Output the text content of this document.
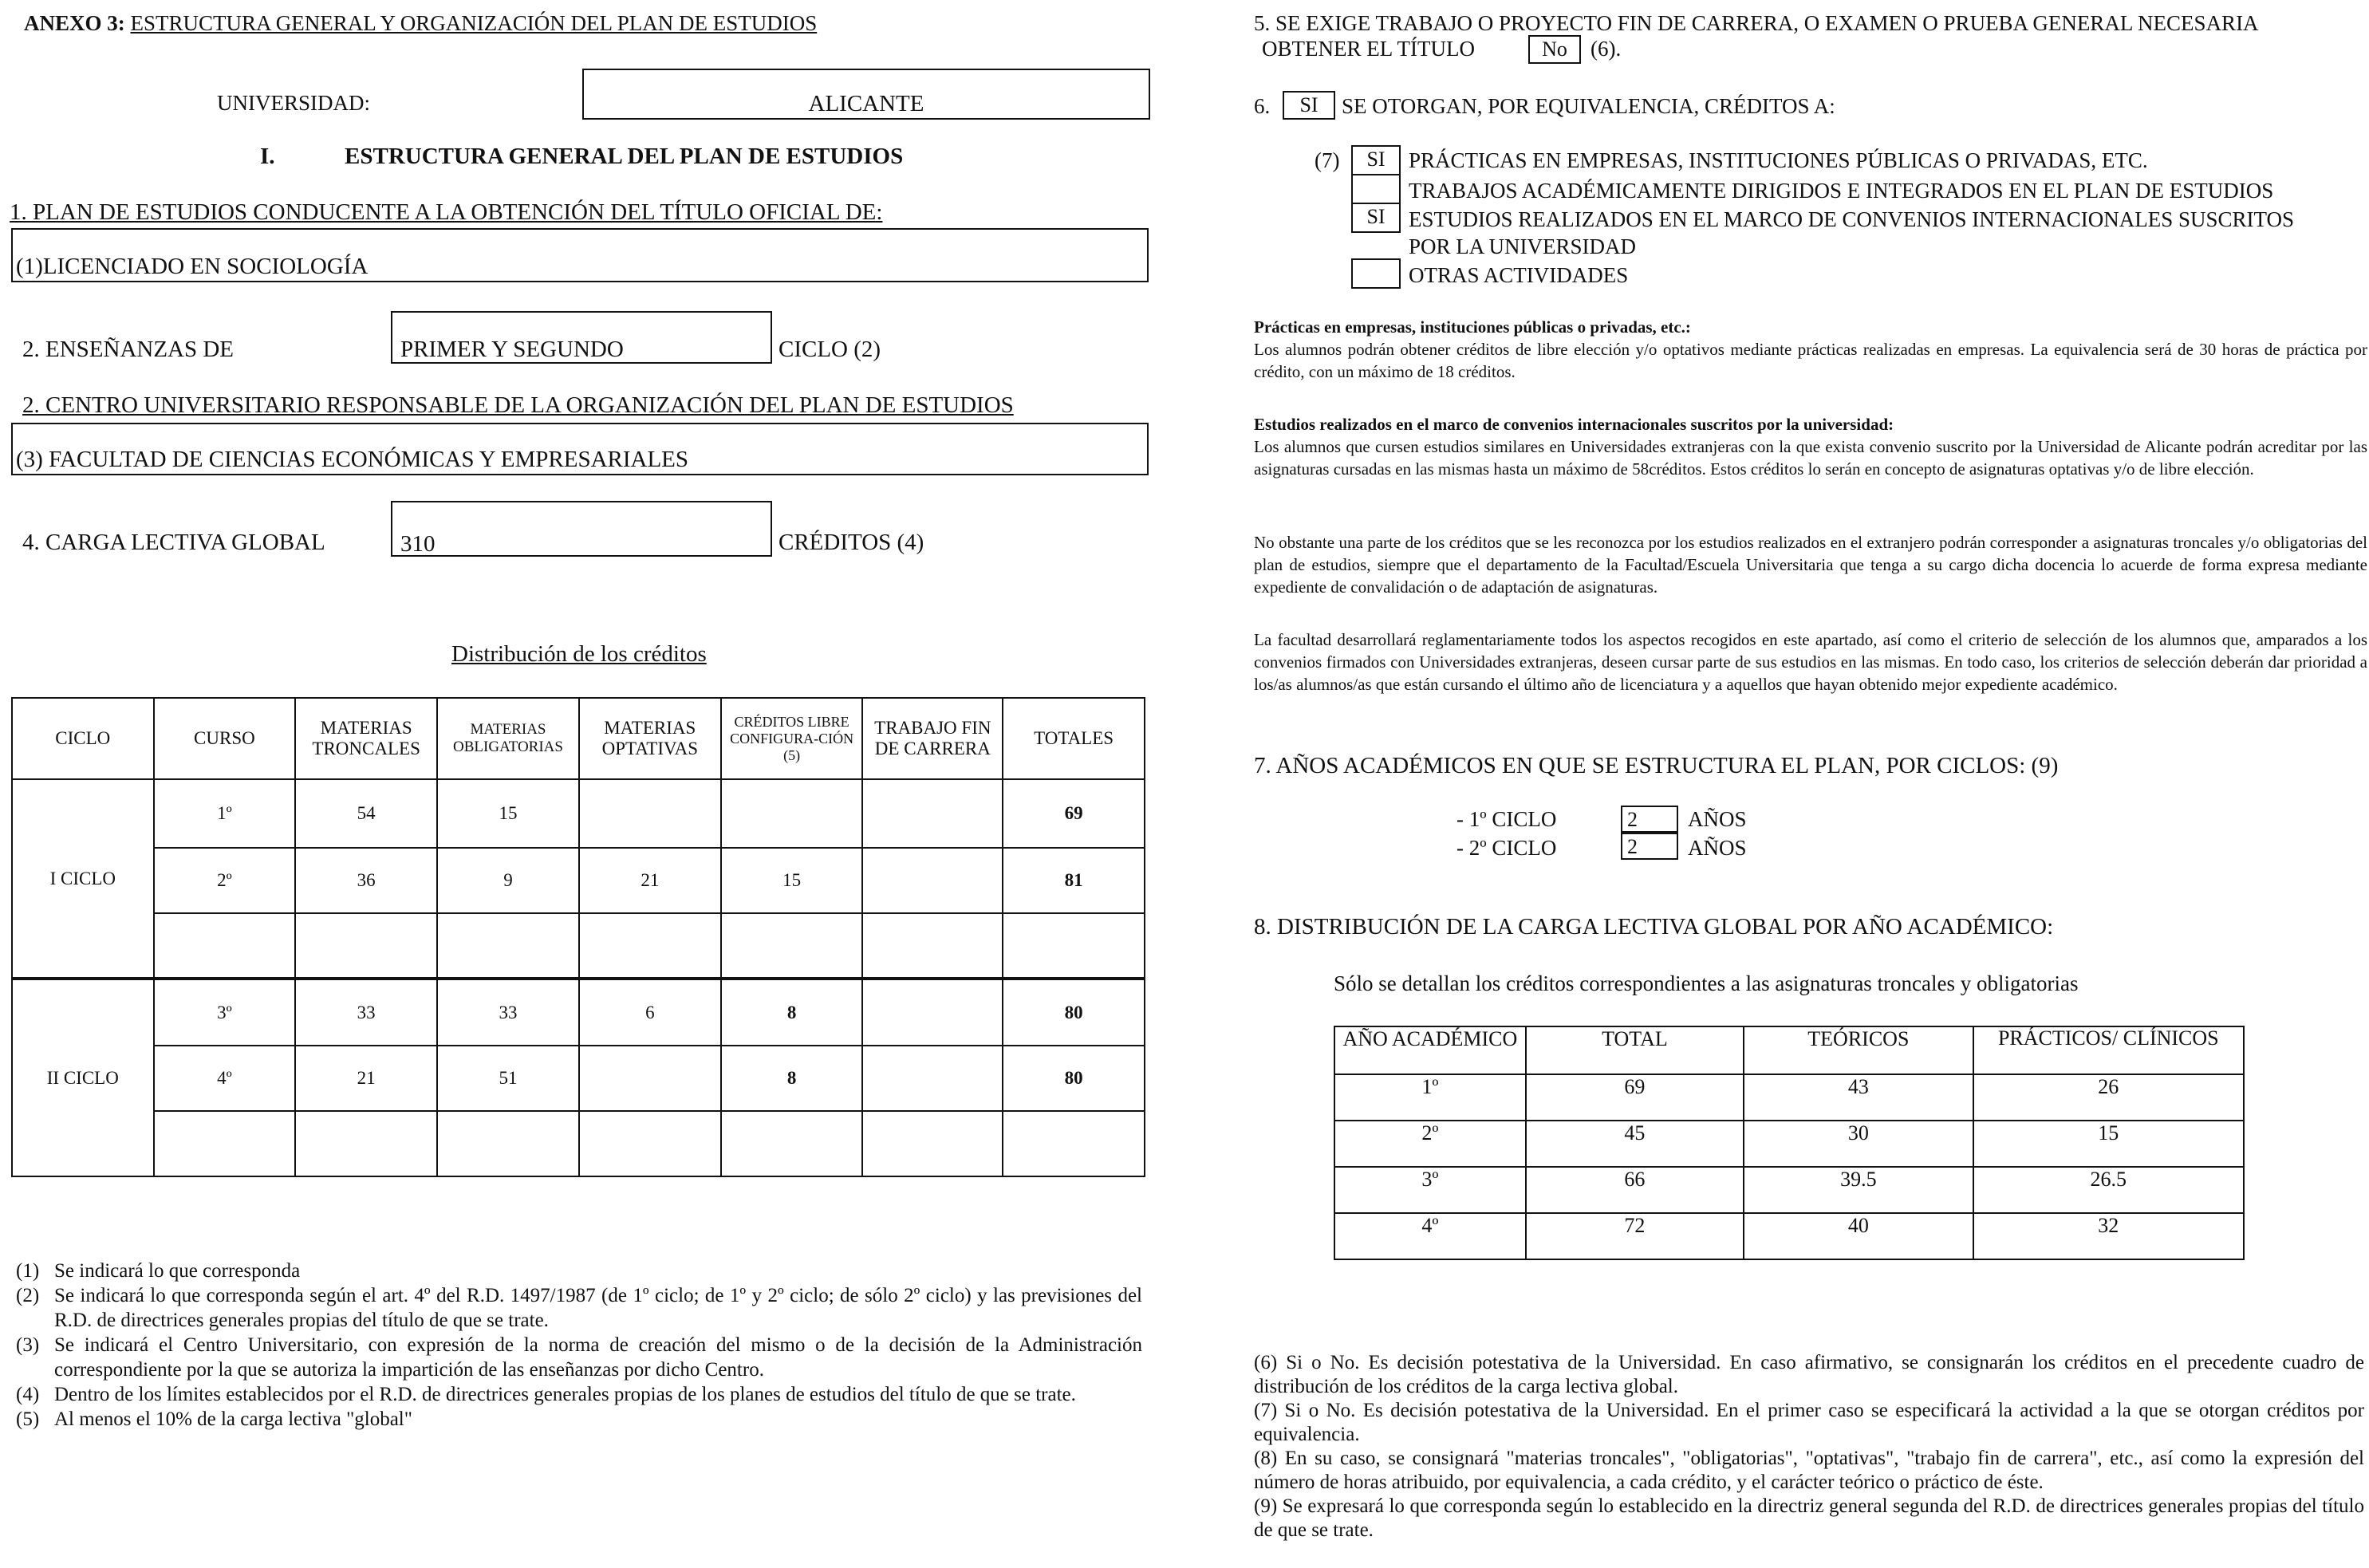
ANEXO 3: ESTRUCTURA GENERAL Y ORGANIZACIÓN DEL PLAN DE ESTUDIOS
UNIVERSIDAD:	ALICANTE
I.	ESTRUCTURA GENERAL DEL PLAN DE ESTUDIOS
1. PLAN DE ESTUDIOS CONDUCENTE A LA OBTENCIÓN DEL TÍTULO OFICIAL DE:
(1)LICENCIADO EN SOCIOLOGÍA
2. ENSEÑANZAS DE	PRIMER Y SEGUNDO	CICLO (2)
2. CENTRO UNIVERSITARIO RESPONSABLE DE LA ORGANIZACIÓN DEL PLAN DE ESTUDIOS
(3) FACULTAD DE CIENCIAS ECONÓMICAS Y EMPRESARIALES
4. CARGA LECTIVA GLOBAL	310	CRÉDITOS (4)
Distribución de los créditos
CICLO	CURSO	MATERIAS TRONCALES	MATERIAS OBLIGATORIAS	MATERIAS OPTATIVAS	CRÉDITOS LIBRE CONFIGURA-CIÓN (5)	TRABAJO FIN DE CARRERA	TOTALES
I CICLO	1º	54	15				69
	2º	36	9	21	15		81

II CICLO	3º	33	33	6	8		80
	4º	21	51		8		80

(1) Se indicará lo que corresponda
(2) Se indicará lo que corresponda según el art. 4º del R.D. 1497/1987 (de 1º ciclo; de 1º y 2º ciclo; de sólo 2º ciclo) y las previsiones del R.D. de directrices generales propias del título de que se trate.
(3) Se indicará el Centro Universitario, con expresión de la norma de creación del mismo o de la decisión de la Administración correspondiente por la que se autoriza la impartición de las enseñanzas por dicho Centro.
(4) Dentro de los límites establecidos por el R.D. de directrices generales propias de los planes de estudios del título de que se trate.
(5) Al menos el 10% de la carga lectiva "global"
5. SE EXIGE TRABAJO O PROYECTO FIN DE CARRERA, O EXAMEN O PRUEBA GENERAL NECESARIA
OBTENER EL TÍTULO	No	(6).
6.	SI	SE OTORGAN, POR EQUIVALENCIA, CRÉDITOS A:
(7)	SI	PRÁCTICAS EN EMPRESAS, INSTITUCIONES PÚBLICAS O PRIVADAS, ETC.
TRABAJOS ACADÉMICAMENTE DIRIGIDOS E INTEGRADOS EN EL PLAN DE ESTUDIOS
SI	ESTUDIOS REALIZADOS EN EL MARCO DE CONVENIOS INTERNACIONALES SUSCRITOS
POR LA UNIVERSIDAD
OTRAS ACTIVIDADES
Prácticas en empresas, instituciones públicas o privadas, etc.:
Los alumnos podrán obtener créditos de libre elección y/o optativos mediante prácticas realizadas en empresas. La equivalencia será de 30 horas de práctica por crédito, con un máximo de 18 créditos.
Estudios realizados en el marco de convenios internacionales suscritos por la universidad:
Los alumnos que cursen estudios similares en Universidades extranjeras con la que exista convenio suscrito por la Universidad de Alicante podrán acreditar por las asignaturas cursadas en las mismas hasta un máximo de 58créditos. Estos créditos lo serán en concepto de asignaturas optativas y/o de libre elección.
No obstante una parte de los créditos que se les reconozca por los estudios realizados en el extranjero podrán corresponder a asignaturas troncales y/o obligatorias del plan de estudios, siempre que el departamento de la Facultad/Escuela Universitaria que tenga a su cargo dicha docencia lo acuerde de forma expresa mediante expediente de convalidación o de adaptación de asignaturas.
La facultad desarrollará reglamentariamente todos los aspectos recogidos en este apartado, así como el criterio de selección de los alumnos que, amparados a los convenios firmados con Universidades extranjeras, deseen cursar parte de sus estudios en las mismas. En todo caso, los criterios de selección deberán dar prioridad a los/as alumnos/as que están cursando el último año de licenciatura y a aquellos que hayan obtenido mejor expediente académico.
7. AÑOS ACADÉMICOS EN QUE SE ESTRUCTURA EL PLAN, POR CICLOS: (9)
- 1º CICLO	2	AÑOS
- 2º CICLO	2	AÑOS
8. DISTRIBUCIÓN DE LA CARGA LECTIVA GLOBAL POR AÑO ACADÉMICO:
Sólo se detallan los créditos correspondientes a las asignaturas troncales y obligatorias
AÑO ACADÉMICO	TOTAL	TEÓRICOS	PRÁCTICOS/ CLÍNICOS
1º	69	43	26
2º	45	30	15
3º	66	39.5	26.5
4º	72	40	32
(6) Si o No. Es decisión potestativa de la Universidad. En caso afirmativo, se consignarán los créditos en el precedente cuadro de distribución de los créditos de la carga lectiva global.
(7) Si o No. Es decisión potestativa de la Universidad. En el primer caso se especificará la actividad a la que se otorgan créditos por equivalencia.
(8) En su caso, se consignará "materias troncales", "obligatorias", "optativas", "trabajo fin de carrera", etc., así como la expresión del número de horas atribuido, por equivalencia, a cada crédito, y el carácter teórico o práctico de éste.
(9) Se expresará lo que corresponda según lo establecido en la directriz general segunda del R.D. de directrices generales propias del título de que se trate.
